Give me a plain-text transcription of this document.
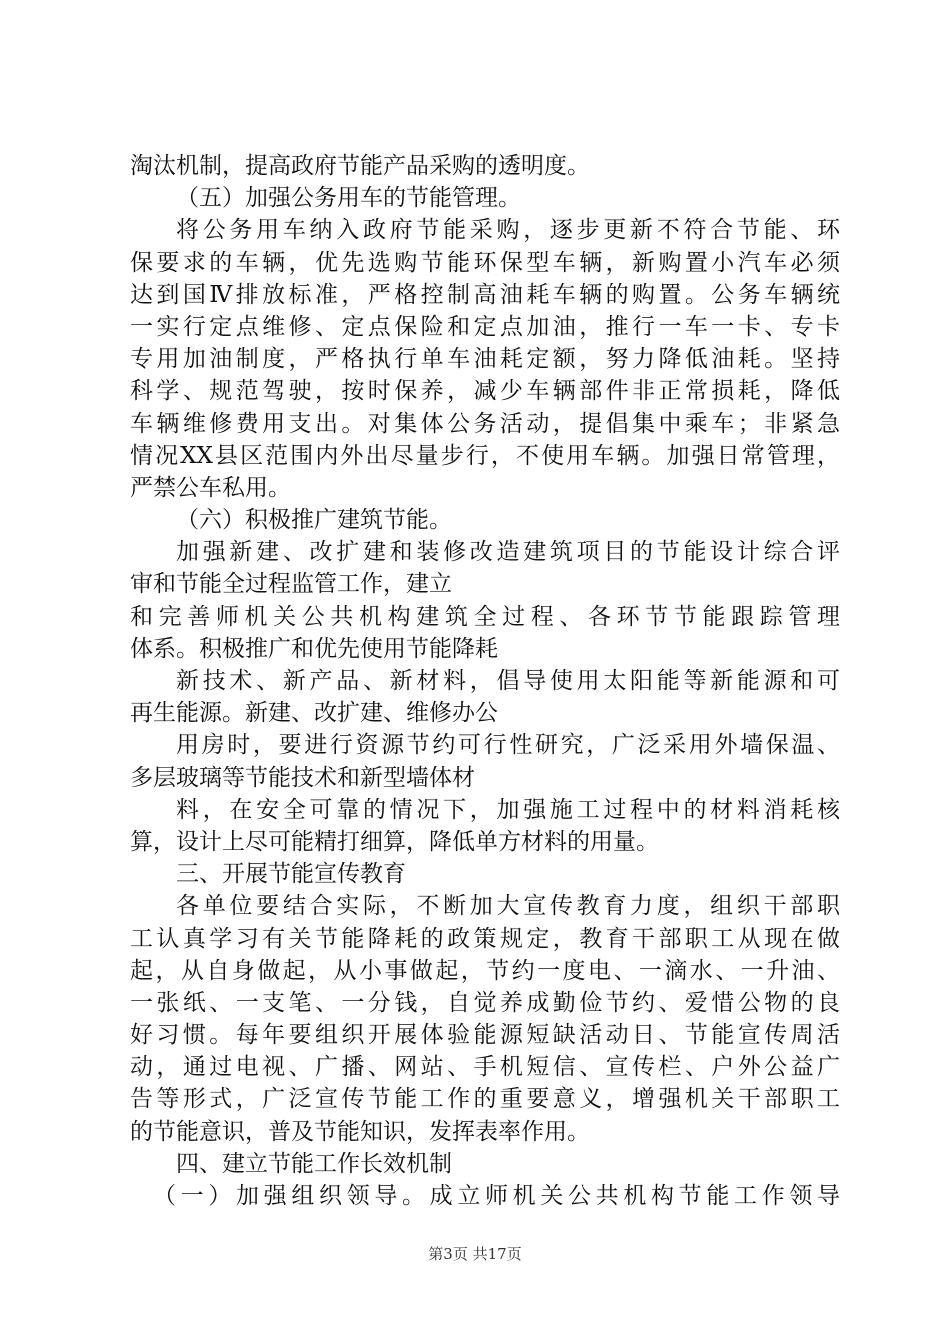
淘汰机制，提高政府节能产品采购的透明度。
（五）加强公务用车的节能管理。
将公务用车纳入政府节能采购，逐步更新不符合节能、环
保要求的车辆，优先选购节能环保型车辆，新购置小汽车必须
达到国Ⅳ排放标准，严格控制高油耗车辆的购置。公务车辆统
一实行定点维修、定点保险和定点加油，推行一车一卡、专卡
专用加油制度，严格执行单车油耗定额，努力降低油耗。坚持
科学、规范驾驶，按时保养，减少车辆部件非正常损耗，降低
车辆维修费用支出。对集体公务活动，提倡集中乘车；非紧急
情况XX县区范围内外出尽量步行，不使用车辆。加强日常管理，
严禁公车私用。
（六）积极推广建筑节能。
加强新建、改扩建和装修改造建筑项目的节能设计综合评
审和节能全过程监管工作，建立
和完善师机关公共机构建筑全过程、各环节节能跟踪管理
体系。积极推广和优先使用节能降耗
新技术、新产品、新材料，倡导使用太阳能等新能源和可
再生能源。新建、改扩建、维修办公
用房时，要进行资源节约可行性研究，广泛采用外墙保温、
多层玻璃等节能技术和新型墙体材
料，在安全可靠的情况下，加强施工过程中的材料消耗核
算，设计上尽可能精打细算，降低单方材料的用量。
三、开展节能宣传教育
各单位要结合实际，不断加大宣传教育力度，组织干部职
工认真学习有关节能降耗的政策规定，教育干部职工从现在做
起，从自身做起，从小事做起，节约一度电、一滴水、一升油、
一张纸、一支笔、一分钱，自觉养成勤俭节约、爱惜公物的良
好习惯。每年要组织开展体验能源短缺活动日、节能宣传周活
动，通过电视、广播、网站、手机短信、宣传栏、户外公益广
告等形式，广泛宣传节能工作的重要意义，增强机关干部职工
的节能意识，普及节能知识，发挥表率作用。
四、建立节能工作长效机制
（一）加强组织领导。成立师机关公共机构节能工作领导
第3页 共17页
